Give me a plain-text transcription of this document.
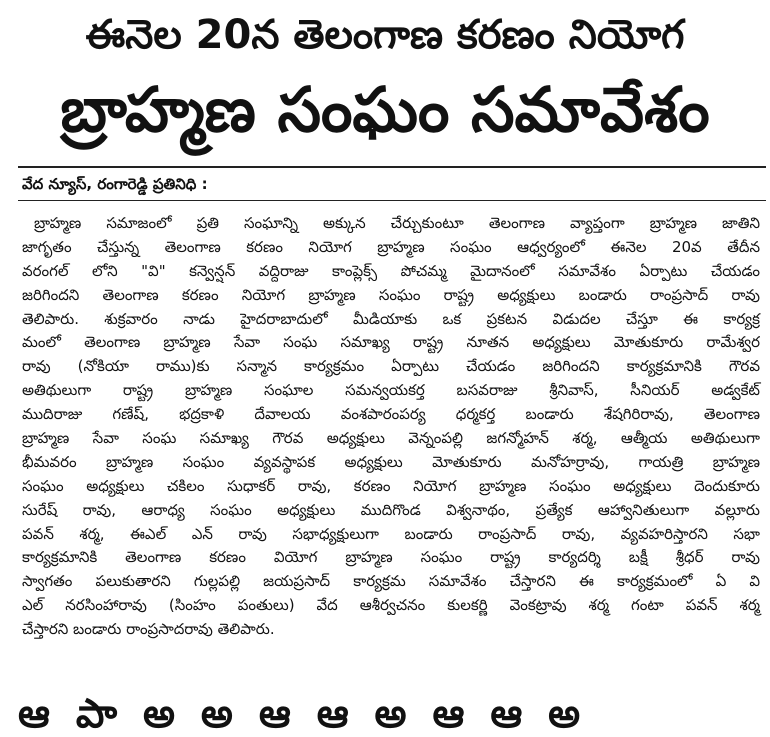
ఈనెల 20న తెలంగాణ కరణం నియోగ
బ్రాహ్మణ సంఘం సమావేశం
వేద న్యూస్, రంగారెడ్డి ప్రతినిధి :
బ్రాహ్మణ సమాజంలో ప్రతి సంఘాన్ని అక్కున చేర్చుకుంటూ తెలంగాణ వ్యాప్తంగా బ్రాహ్మణ జాతిని
జాగృతం చేస్తున్న తెలంగాణ కరణం నియోగ బ్రాహ్మణ సంఘం ఆధ్వర్యంలో ఈనెల 20వ తేదీన
వరంగల్ లోని "వి" కన్వెన్షన్ వద్దిరాజు కాంప్లెక్స్ పోచమ్మ మైదానంలో సమావేశం ఏర్పాటు చేయడం
జరిగిందని తెలంగాణ కరణం నియోగ బ్రాహ్మణ సంఘం రాష్ట్ర అధ్యక్షులు బండారు రాంప్రసాద్ రావు
తెలిపారు. శుక్రవారం నాడు హైదరాబాదులో మీడియాకు ఒక ప్రకటన విడుదల చేస్తూ ఈ కార్యక్ర
మంలో తెలంగాణ బ్రాహ్మణ సేవా సంఘ సమాఖ్య రాష్ట్ర నూతన అధ్యక్షులు మోతుకూరు రామేశ్వర
రావు (నోకియా రాము)కు సన్మాన కార్యక్రమం ఏర్పాటు చేయడం జరిగిందని కార్యక్రమానికి గౌరవ
అతిథులుగా రాష్ట్ర బ్రాహ్మణ సంఘాల సమన్వయకర్త బసవరాజు శ్రీనివాస్, సీనియర్ అడ్వకేట్
ముదిరాజు గణేష్, భద్రకాళి దేవాలయ వంశపారంపర్య ధర్మకర్త బండారు శేషగిరిరావు, తెలంగాణ
బ్రాహ్మణ సేవా సంఘ సమాఖ్య గౌరవ అధ్యక్షులు వెన్నంపల్లి జగన్మోహన్ శర్మ, ఆత్మీయ అతిథులుగా
భీమవరం బ్రాహ్మణ సంఘం వ్యవస్థాపక అధ్యక్షులు మోతుకూరు మనోహర్రావు, గాయత్రి బ్రాహ్మణ
సంఘం అధ్యక్షులు చకిలం సుధాకర్ రావు, కరణం నియోగ బ్రాహ్మణ సంఘం అధ్యక్షులు దెందుకూరు
సురేష్ రావు, ఆరాధ్య సంఘం అధ్యక్షులు ముదిగొండ విశ్వనాథం, ప్రత్యేక ఆహ్వానితులుగా వల్లూరు
పవన్ శర్మ, ఈఎల్ ఎన్ రావు సభాధ్యక్షులుగా బండారు రాంప్రసాద్ రావు, వ్యవహరిస్తారని సభా
కార్యక్రమానికి తెలంగాణ కరణం వియోగ బ్రాహ్మణ సంఘం రాష్ట్ర కార్యదర్శి బక్షీ శ్రీధర్ రావు
స్వాగతం పలుకుతారని గుల్లపల్లి జయప్రసాద్ కార్యక్రమ సమావేశం చేస్తారని ఈ కార్యక్రమంలో ఏ వి
ఎల్ నరసింహారావు (సింహం పంతులు) వేద ఆశీర్వచనం కులకర్ణి వెంకట్రావు శర్మ గంటా పవన్ శర్మ
చేస్తారని బండారు రాంప్రసాదరావు తెలిపారు.
ఆ పా అ అ ఆ ఆ అ ఆ ఆ అ
